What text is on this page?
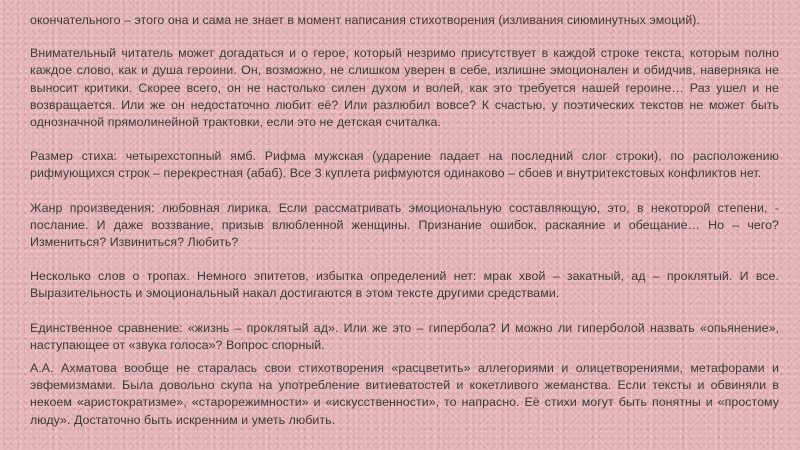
окончательного – этого она и сама не знает в момент написания стихотворения (изливания сиюминутных эмоций).

Внимательный читатель может догадаться и о герое, который незримо присутствует в каждой строке текста, которым полно каждое слово, как и душа героини. Он, возможно, не слишком уверен в себе, излишне эмоционален и обидчив, наверняка не выносит критики. Скорее всего, он не настолько силен духом и волей, как это требуется нашей героине… Раз ушел и не возвращается. Или же он недостаточно любит её? Или разлюбил вовсе? К счастью, у поэтических текстов не может быть однозначной прямолинейной трактовки, если это не детская считалка.

Размер стиха: четырехстопный ямб. Рифма мужская (ударение падает на последний слог строки), по расположению рифмующихся строк – перекрестная (абаб). Все 3 куплета рифмуются одинаково – сбоев и внутритекстовых конфликтов нет.

Жанр произведения: любовная лирика. Если рассматривать эмоциональную составляющую, это, в некоторой степени, - послание. И даже воззвание, призыв влюбленной женщины. Признание ошибок, раскаяние и обещание… Но – чего? Измениться? Извиниться? Любить?

Несколько слов о тропах. Немного эпитетов, избытка определений нет: мрак хвой – закатный, ад – проклятый. И все. Выразительность и эмоциональный накал достигаются в этом тексте другими средствами.

Единственное сравнение: «жизнь – проклятый ад». Или же это – гипербола? И можно ли гиперболой назвать «опьянение», наступающее от «звука голоса»? Вопрос спорный.

А.А. Ахматова вообще не старалась свои стихотворения «расцветить» аллегориями и олицетворениями, метафорами и эвфемизмами. Была довольно скупа на употребление витиеватостей и кокетливого жеманства. Если тексты и обвиняли в некоем «аристократизме», «старорежимности» и «искусственности», то напрасно. Её стихи могут быть понятны и «простому люду». Достаточно быть искренним и уметь любить.
